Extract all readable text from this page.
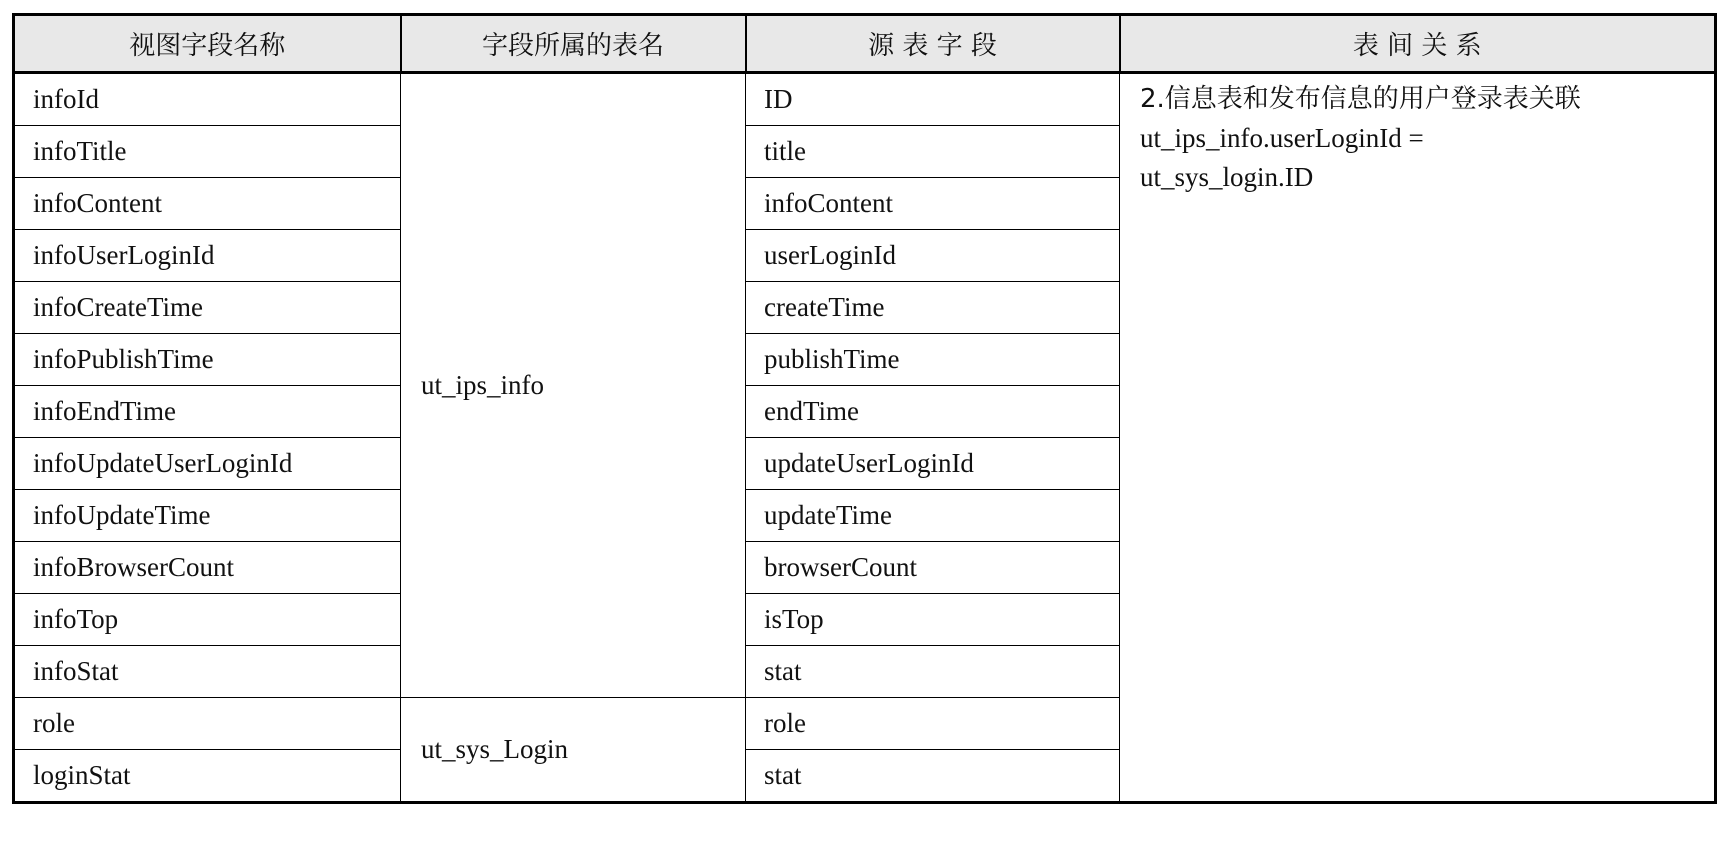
视图字段名称	字段所属的表名	源 表 字 段	表 间 关 系
infoId	ut_ips_info	ID	2.信息表和发布信息的用户登录表关联
ut_ips_info.userLoginId =
ut_sys_login.ID

infoTitle		title	
infoContent		infoContent	
infoUserLoginId		userLoginId	
infoCreateTime		createTime	
infoPublishTime		publishTime	
infoEndTime		endTime	
infoUpdateUserLoginId		updateUserLoginId	
infoUpdateTime		updateTime	
infoBrowserCount		browserCount	
infoTop		isTop	
infoStat		stat	
role	ut_sys_Login	role	
loginStat		stat	
